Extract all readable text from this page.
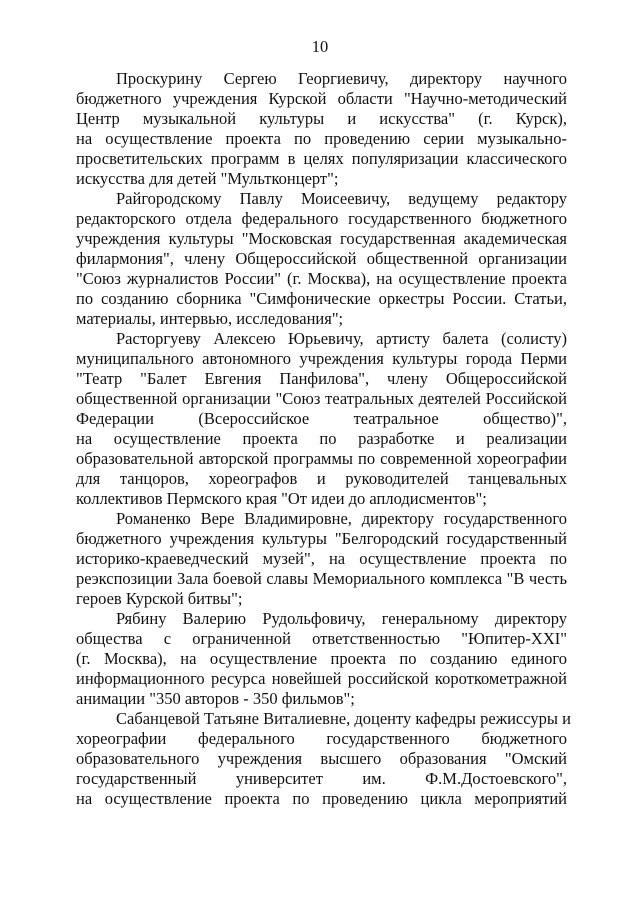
10

Проскурину Сергею Георгиевичу, директору научного
бюджетного учреждения Курской области "Научно-методический
Центр музыкальной культуры и искусства" (г. Курск),
на осуществление проекта по проведению серии музыкально-
просветительских программ в целях популяризации классического
искусства для детей "Мультконцерт";

Райгородскому Павлу Моисеевичу, ведущему редактору
редакторского отдела федерального государственного бюджетного
учреждения культуры "Московская государственная академическая
филармония", члену Общероссийской общественной организации
"Союз журналистов России" (г. Москва), на осуществление проекта
по созданию сборника "Симфонические оркестры России. Статьи,
материалы, интервью, исследования";

Расторгуеву Алексею Юрьевичу, артисту балета (солисту)
муниципального автономного учреждения культуры города Перми
"Театр "Балет Евгения Панфилова", члену Общероссийской
общественной организации "Союз театральных деятелей Российской
Федерации (Всероссийское театральное общество)",
на осуществление проекта по разработке и реализации
образовательной авторской программы по современной хореографии
для танцоров, хореографов и руководителей танцевальных
коллективов Пермского края "От идеи до аплодисментов";

Романенко Вере Владимировне, директору государственного
бюджетного учреждения культуры "Белгородский государственный
историко-краеведческий музей", на осуществление проекта по
реэкспозиции Зала боевой славы Мемориального комплекса "В честь
героев Курской битвы";

Рябину Валерию Рудольфовичу, генеральному директору
общества с ограниченной ответственностью "Юпитер-XXI"
(г. Москва), на осуществление проекта по созданию единого
информационного ресурса новейшей российской короткометражной
анимации "350 авторов - 350 фильмов";

Сабанцевой Татьяне Виталиевне, доценту кафедры режиссуры и
хореографии федерального государственного бюджетного
образовательного учреждения высшего образования "Омский
государственный университет им. Ф.М.Достоевского",
на осуществление проекта по проведению цикла мероприятий
